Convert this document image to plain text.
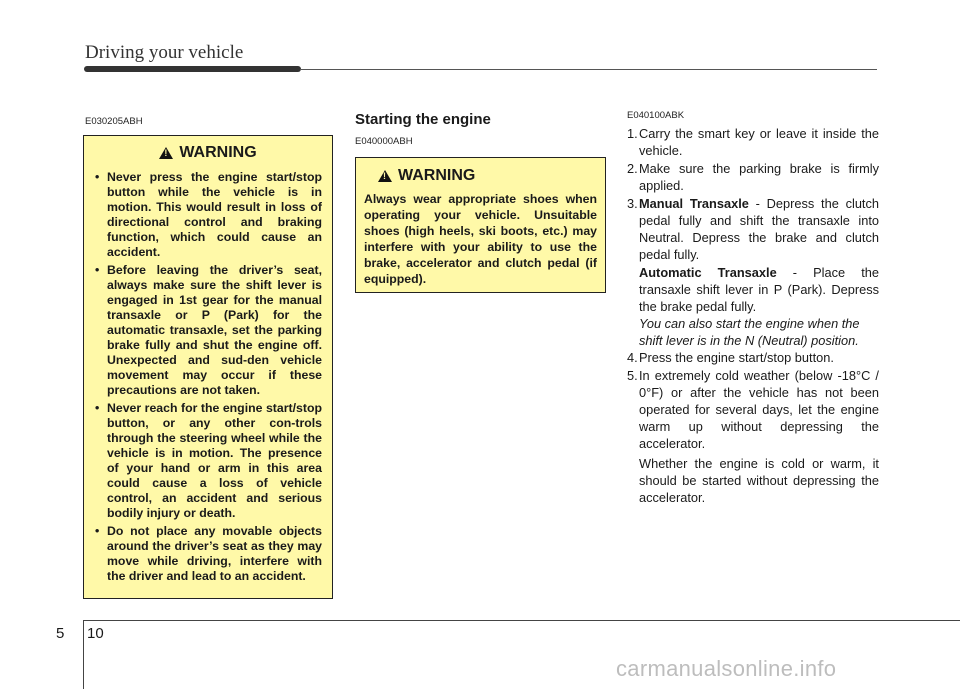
Driving your vehicle
E030205ABH
!
WARNING
• Never press the engine start/stop button while the vehicle is in motion. This would result in loss of directional control and braking function, which could cause an accident.
• Before leaving the driver’s seat, always make sure the shift lever is engaged in 1st gear for the manual transaxle or P (Park) for the automatic transaxle, set the parking brake fully and shut the engine off. Unexpected and sud-den vehicle movement may occur if these precautions are not taken.
• Never reach for the engine start/stop button, or any other con-trols through the steering wheel while the vehicle is in motion. The presence of your hand or arm in this area could cause a loss of vehicle control, an accident and serious bodily injury or death.
• Do not place any movable objects around the driver’s seat as they may move while driving, interfere with the driver and lead to an accident.
Starting the engine
E040000ABH
!
WARNING

Always wear appropriate shoes when operating your vehicle. Unsuitable shoes (high heels, ski boots, etc.) may interfere with your ability to use the brake, accelerator and clutch pedal (if equipped).

E040100ABK
1. Carry the smart key or leave it inside the vehicle.
2. Make sure the parking brake is firmly applied.
3. Manual Transaxle - Depress the clutch pedal fully and shift the transaxle into Neutral. Depress the brake and clutch pedal fully.
Automatic Transaxle - Place the transaxle shift lever in P (Park). Depress the brake pedal fully.
You can also start the engine when the shift lever is in the N (Neutral) position.
4. Press the engine start/stop button.
5. In extremely cold weather (below -18°C / 0°F) or after the vehicle has not been operated for several days, let the engine warm up without depressing the accelerator.
Whether the engine is cold or warm, it should be started without depressing the accelerator.
5 10
carmanualsonline.info
